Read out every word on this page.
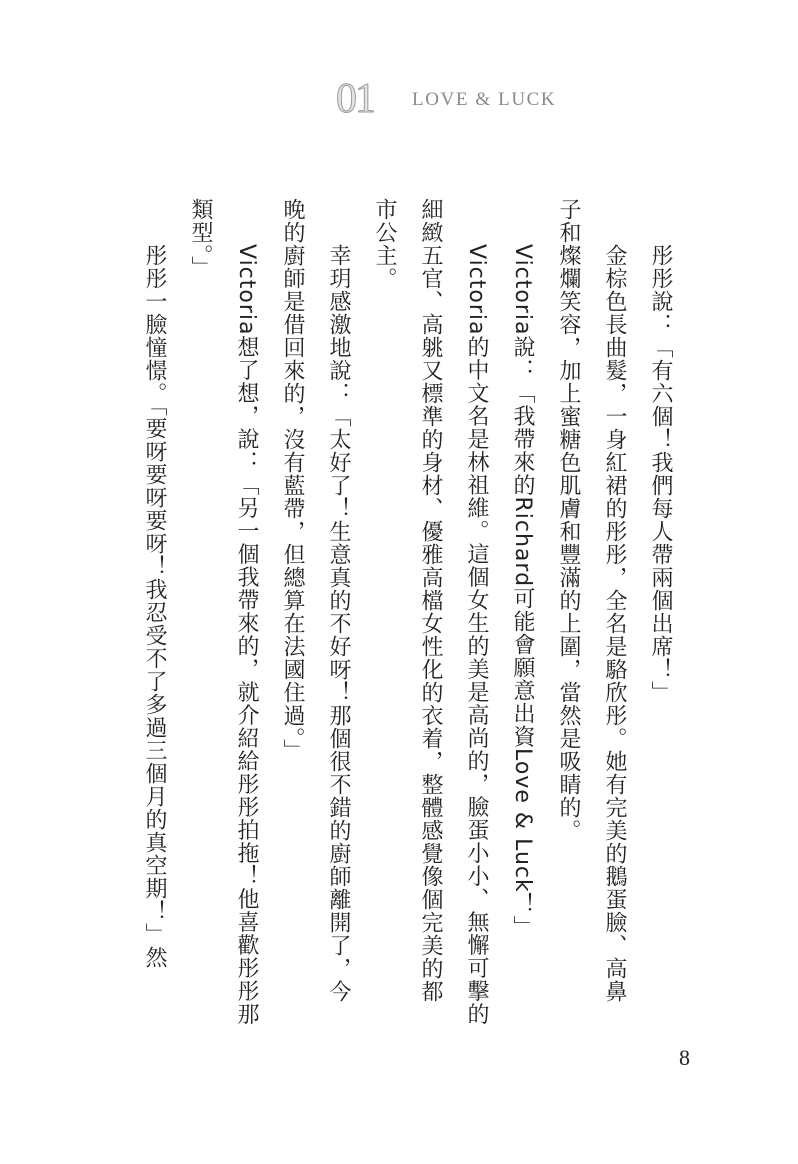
01 LOVE & LUCK
彤彤說：「有六個！我們每人帶兩個出席！」
金棕色長曲髮，一身紅裙的彤彤，全名是駱欣彤。她有完美的鵝蛋臉、高鼻
子和燦爛笑容，加上蜜糖色肌膚和豐滿的上圍，當然是吸睛的。
Victoria說：「我帶來的Richard可能會願意出資Love & Luck！」
Victoria的中文名是林祖維。這個女生的美是高尚的，臉蛋小小、無懈可擊的
細緻五官、高䠷又標準的身材、優雅高檔女性化的衣着，整體感覺像個完美的都
市公主。
幸玥感激地說：「太好了！生意真的不好呀！那個很不錯的廚師離開了，今
晚的廚師是借回來的，沒有藍帶，但總算在法國住過。」
Victoria想了想，說：「另一個我帶來的，就介紹給彤彤拍拖！他喜歡彤彤那
類型。」
彤彤一臉憧憬。「要呀要呀要呀！我忍受不了多過三個月的真空期！」然
8
